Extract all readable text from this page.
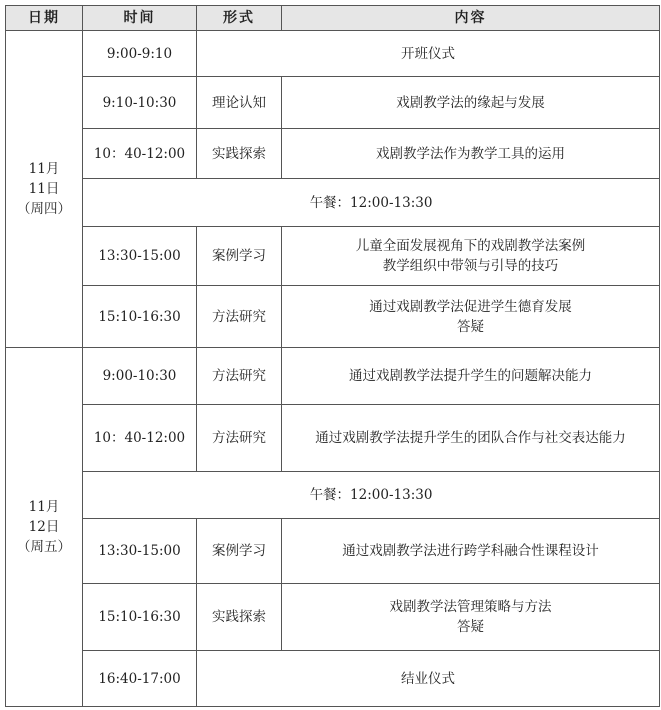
日期	时间	形式	内容

11月
11日
（周四）	9:00-9:10	开班仪式	

	9:10-10:30	理论认知	戏剧教学法的缘起与发展

	10：40-12:00	实践探索	戏剧教学法作为教学工具的运用

	午餐：12:00-13:30		
	13:30-15:00	案例学习	儿童全面发展视角下的戏剧教学法案例
教学组织中带领与引导的技巧

	15:10-16:30	方法研究	通过戏剧教学法促进学生德育发展
答疑

11月
12日
（周五）	9:00-10:30	方法研究	通过戏剧教学法提升学生的问题解决能力

	10：40-12:00	方法研究	通过戏剧教学法提升学生的团队合作与社交表达能力

	午餐：12:00-13:30		
	13:30-15:00	案例学习	通过戏剧教学法进行跨学科融合性课程设计

	15:10-16:30	实践探索	戏剧教学法管理策略与方法
答疑

	16:40-17:00	结业仪式	
